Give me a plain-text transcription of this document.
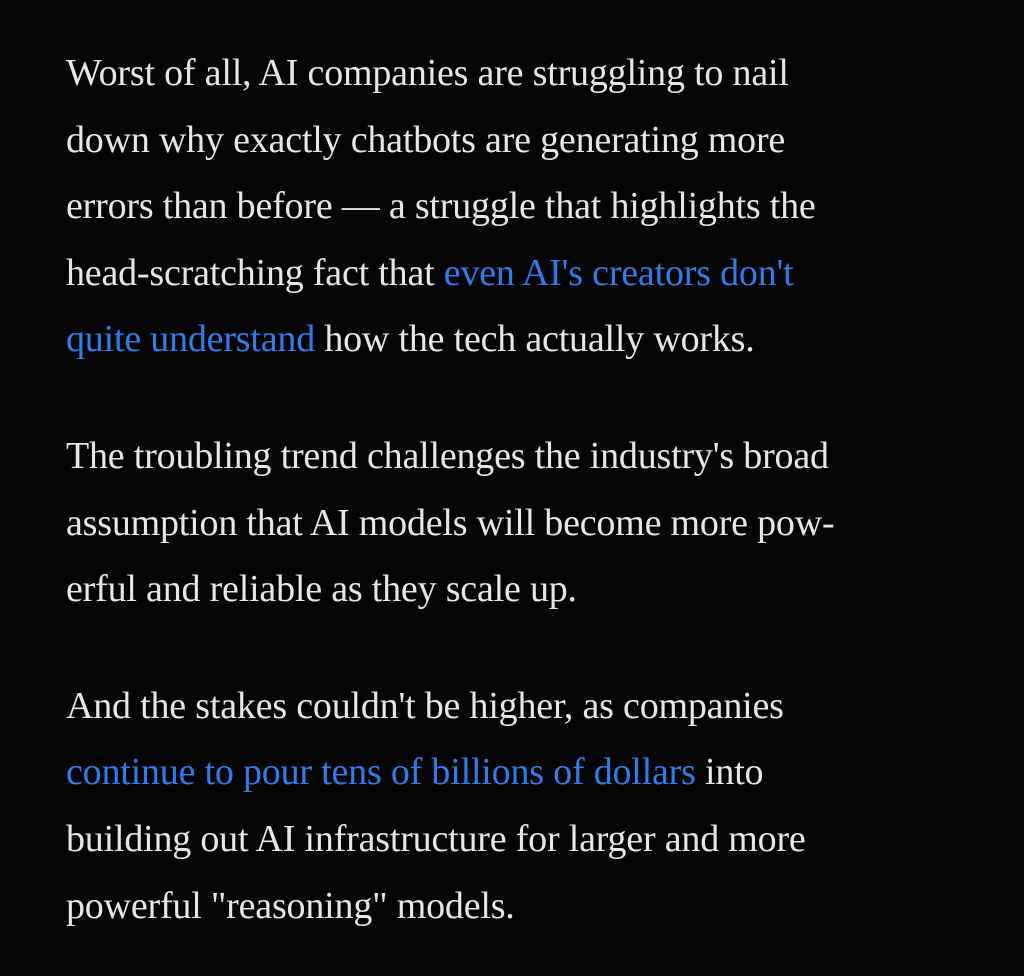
Worst of all, AI companies are struggling to nail
down why exactly chatbots are generating more
errors than before — a struggle that highlights the
head-scratching fact that even AI's creators don't
quite understand how the tech actually works.

The troubling trend challenges the industry's broad
assumption that AI models will become more pow-
erful and reliable as they scale up.

And the stakes couldn't be higher, as companies
continue to pour tens of billions of dollars into
building out AI infrastructure for larger and more
powerful "reasoning" models.
